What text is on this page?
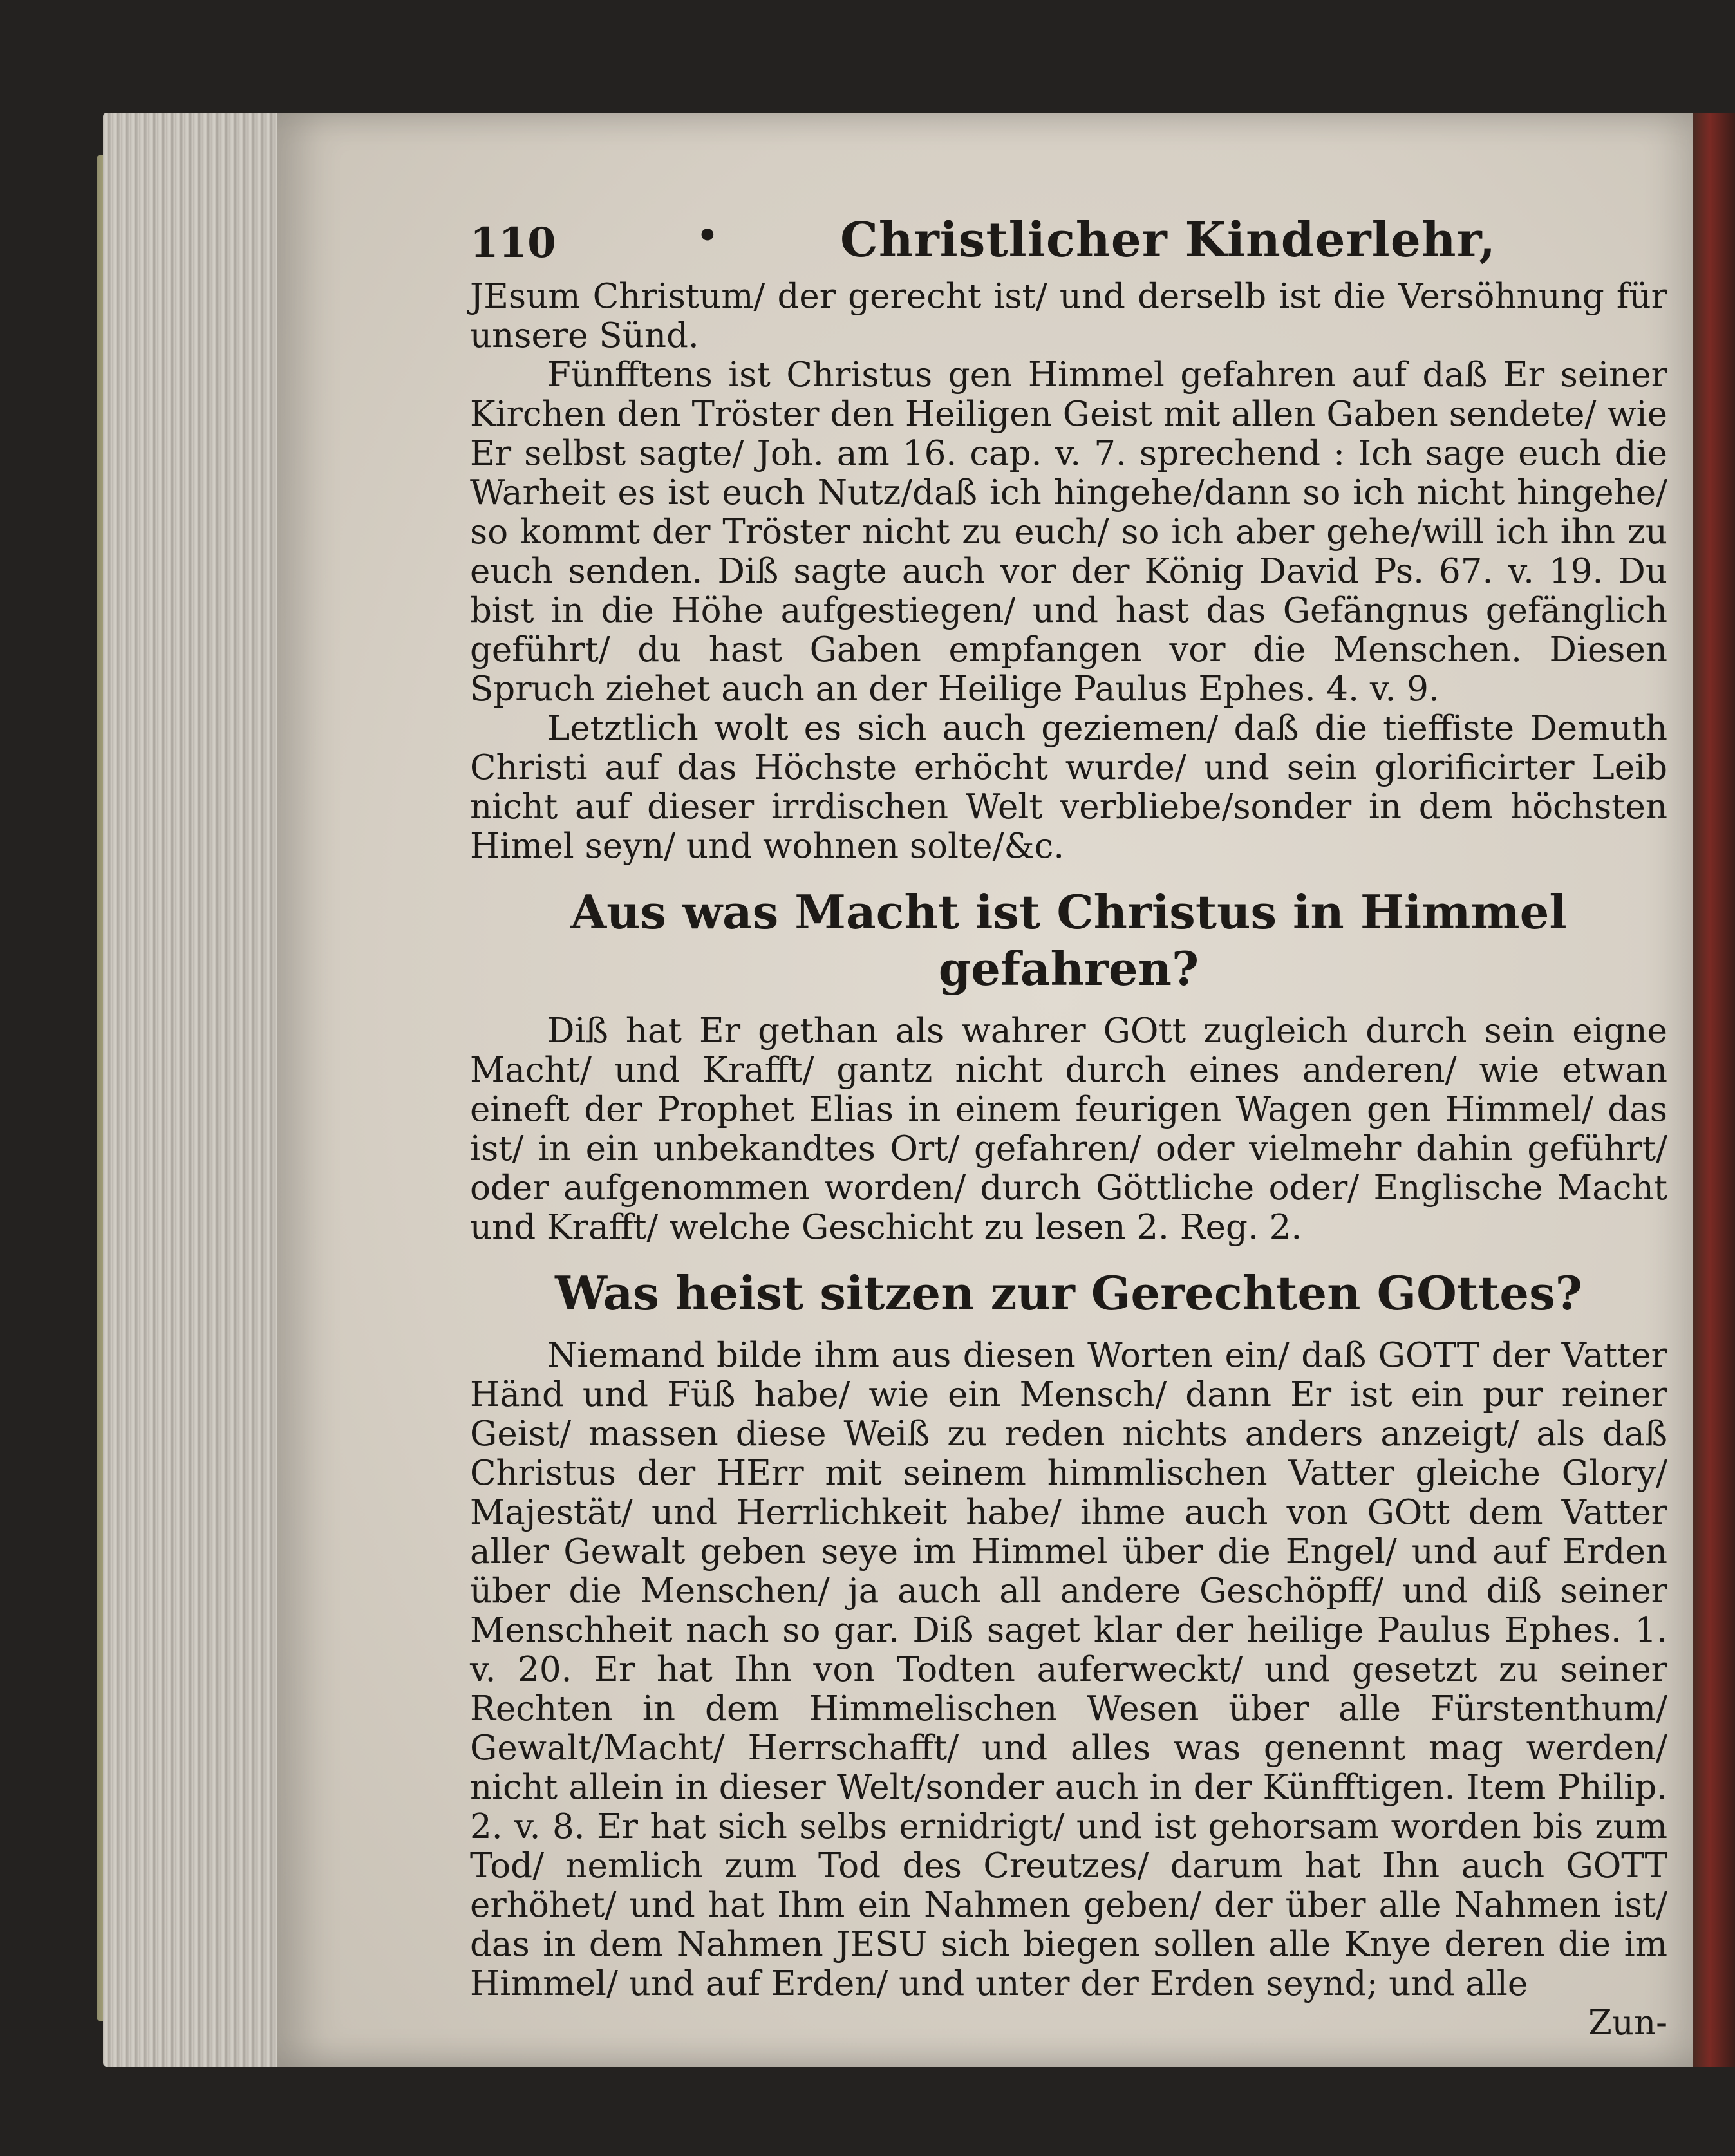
110	•	Christlicher Kinderlehr,

JEsum Christum/ der gerecht ist/ und derselb ist die Versöhnung für unsere Sünd.

Fünfftens ist Christus gen Himmel gefahren auf daß Er seiner Kirchen den Tröster den Heiligen Geist mit allen Gaben sendete/ wie Er selbst sagte/ Joh. am 16. cap. v. 7. sprechend : Ich sage euch die Warheit es ist euch Nutz/daß ich hingehe/dann so ich nicht hingehe/ so kommt der Tröster nicht zu euch/ so ich aber gehe/will ich ihn zu euch senden. Diß sagte auch vor der König David Ps. 67. v. 19. Du bist in die Höhe aufgestiegen/ und hast das Gefängnus gefänglich geführt/ du hast Gaben empfangen vor die Menschen. Diesen Spruch ziehet auch an der Heilige Paulus Ephes. 4. v. 9.

Letztlich wolt es sich auch geziemen/ daß die tieffiste Demuth Christi auf das Höchste erhöcht wurde/ und sein glorificirter Leib nicht auf dieser irrdischen Welt verbliebe/sonder in dem höchsten Himel seyn/ und wohnen solte/&c.

Aus was Macht ist Christus in Himmel gefahren?

Diß hat Er gethan als wahrer GOtt zugleich durch sein eigne Macht/ und Krafft/ gantz nicht durch eines anderen/ wie etwan eineft der Prophet Elias in einem feurigen Wagen gen Himmel/ das ist/ in ein unbekandtes Ort/ gefahren/ oder vielmehr dahin geführt/ oder aufgenommen worden/ durch Göttliche oder/ Englische Macht und Krafft/ welche Geschicht zu lesen 2. Reg. 2.

Was heist sitzen zur Gerechten GOttes?

Niemand bilde ihm aus diesen Worten ein/ daß GOTT der Vatter Händ und Füß habe/ wie ein Mensch/ dann Er ist ein pur reiner Geist/ massen diese Weiß zu reden nichts anders anzeigt/ als daß Christus der HErr mit seinem himmlischen Vatter gleiche Glory/ Majestät/ und Herrlichkeit habe/ ihme auch von GOtt dem Vatter aller Gewalt geben seye im Himmel über die Engel/ und auf Erden über die Menschen/ ja auch all andere Geschöpff/ und diß seiner Menschheit nach so gar. Diß saget klar der heilige Paulus Ephes. 1. v. 20. Er hat Ihn von Todten auferweckt/ und gesetzt zu seiner Rechten in dem Himmelischen Wesen über alle Fürstenthum/ Gewalt/Macht/ Herrschafft/ und alles was genennt mag werden/ nicht allein in dieser Welt/sonder auch in der Künfftigen. Item Philip. 2. v. 8. Er hat sich selbs ernidrigt/ und ist gehorsam worden bis zum Tod/ nemlich zum Tod des Creutzes/ darum hat Ihn auch GOTT erhöhet/ und hat Ihm ein Nahmen geben/ der über alle Nahmen ist/ das in dem Nahmen JESU sich biegen sollen alle Knye deren die im Himmel/ und auf Erden/ und unter der Erden seynd; und alle

Zun-
